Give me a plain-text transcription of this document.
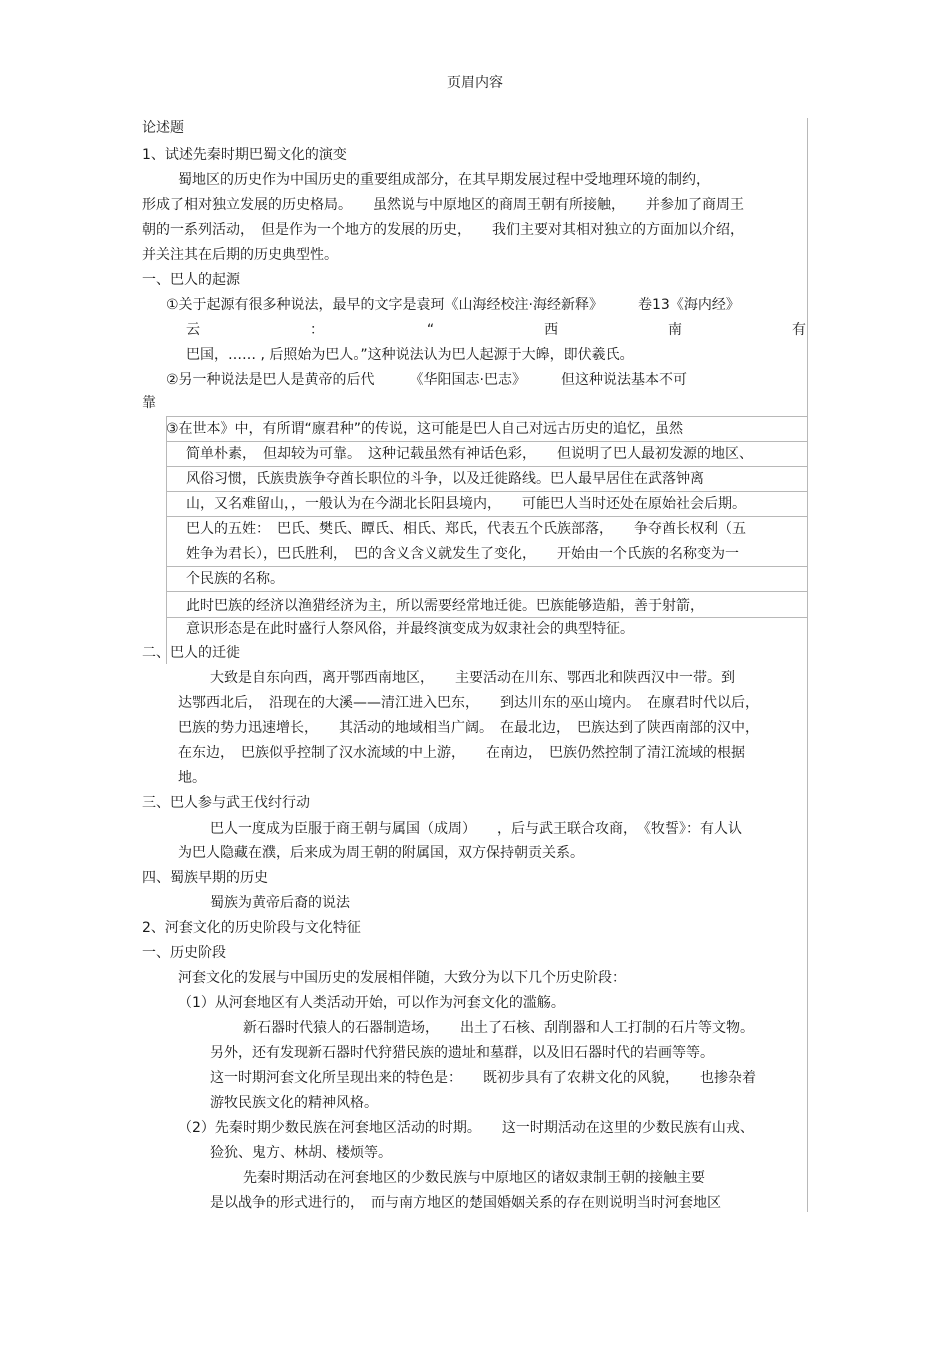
页眉内容
论述题
1、试述先秦时期巴蜀文化的演变
蜀地区的历史作为中国历史的重要组成部分，在其早期发展过程中受地理环境的制约，
形成了相对独立发展的历史格局。　　虽然说与中原地区的商周王朝有所接触，　　并参加了商周王
朝的一系列活动，　但是作为一个地方的发展的历史，　　我们主要对其相对独立的方面加以介绍，
并关注其在后期的历史典型性。
一、巴人的起源
①关于起源有很多种说法，最早的文字是袁珂《山海经校注·海经新释》　　　卷13《海内经》
云　　　：　　　“　　　西　　　南　　　有
巴国，…… , 后照始为巴人。”这种说法认为巴人起源于大皞，即伏羲氏。
②另一种说法是巴人是黄帝的后代　　　《华阳国志·巴志》　　　但这种说法基本不可
靠
③在世本》中，有所谓“廪君种”的传说，这可能是巴人自己对远古历史的追忆，虽然
简单朴素，　但却较为可靠。　这种记载虽然有神话色彩，　　但说明了巴人最初发源的地区、
风俗习惯，氏族贵族争夺酋长职位的斗争，以及迁徙路线。巴人最早居住在武落钟离
山，又名难留山，，一般认为在今湖北长阳县境内，　　可能巴人当时还处在原始社会后期。
巴人的五姓：　巴氏、樊氏、瞫氏、相氏、郑氏，代表五个氏族部落，　　争夺酋长权利（五
姓争为君长），巴氏胜利，　巴的含义含义就发生了变化，　　开始由一个氏族的名称变为一
个民族的名称。
此时巴族的经济以渔猎经济为主，所以需要经常地迁徙。巴族能够造船，善于射箭，
意识形态是在此时盛行人祭风俗，并最终演变成为奴隶社会的典型特征。
二、巴人的迁徙
大致是自东向西，离开鄂西南地区，　　主要活动在川东、鄂西北和陕西汉中一带。到
达鄂西北后，　沿现在的大溪——清江进入巴东，　　到达川东的巫山境内。　在廪君时代以后，
巴族的势力迅速增长，　　其活动的地域相当广阔。　在最北边，　巴族达到了陕西南部的汉中，
在东边，　巴族似乎控制了汉水流域的中上游，　　在南边，　巴族仍然控制了清江流域的根据
地。
三、巴人参与武王伐纣行动
巴人一度成为臣服于商王朝与属国（成周）　　，后与武王联合攻商，　《牧誓》：有人认
为巴人隐藏在濮，后来成为周王朝的附属国，双方保持朝贡关系。
四、蜀族早期的历史
蜀族为黄帝后裔的说法
2、河套文化的历史阶段与文化特征
一、历史阶段
河套文化的发展与中国历史的发展相伴随，大致分为以下几个历史阶段：
（1）从河套地区有人类活动开始，可以作为河套文化的滥觞。
新石器时代猿人的石器制造场，　　出土了石核、刮削器和人工打制的石片等文物。
另外，还有发现新石器时代狩猎民族的遗址和墓群，以及旧石器时代的岩画等等。
这一时期河套文化所呈现出来的特色是：　　既初步具有了农耕文化的风貌，　　也掺杂着
游牧民族文化的精神风格。
（2）先秦时期少数民族在河套地区活动的时期。　　这一时期活动在这里的少数民族有山戎、
猃狁、鬼方、林胡、楼烦等。
先秦时期活动在河套地区的少数民族与中原地区的诸奴隶制王朝的接触主要
是以战争的形式进行的，　而与南方地区的楚国婚姻关系的存在则说明当时河套地区
